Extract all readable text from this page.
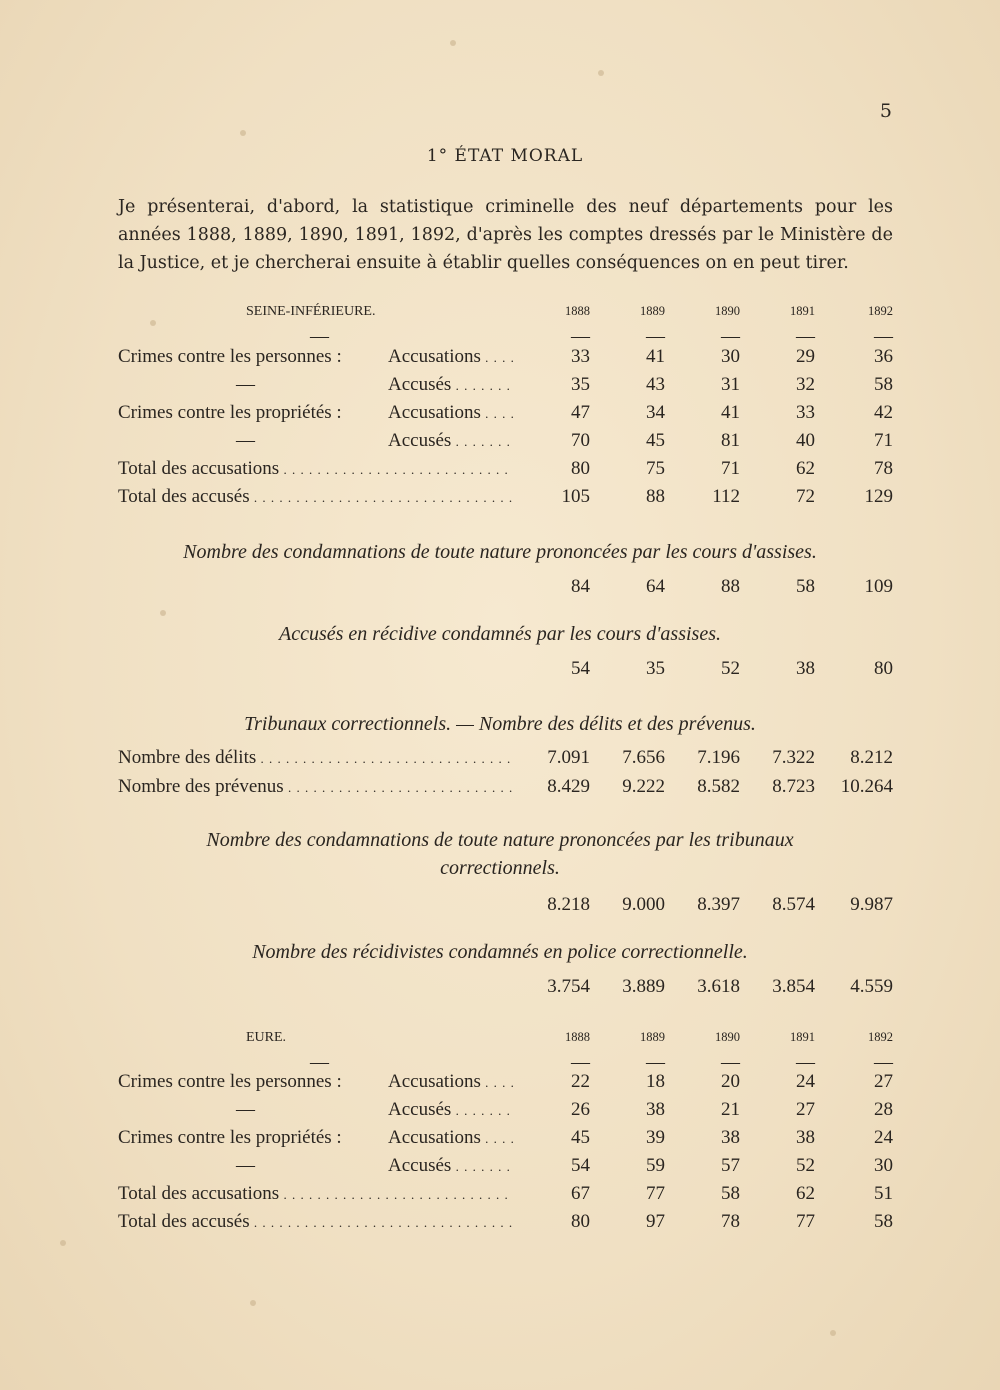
5
1° ÉTAT MORAL
Je présenterai, d'abord, la statistique criminelle des neuf départements pour les années 1888, 1889, 1890, 1891, 1892, d'après les comptes dressés par le Ministère de la Justice, et je chercherai ensuite à établir quelles conséquences on en peut tirer.
SEINE-INFÉRIEURE.	1888	1889	1890	1891	1892
—	—	—	—	—	—
Crimes contre les personnes : Accusations . . .	33	41	30	29	36
—	Accusés . . .	35	43	31	32	58
Crimes contre les propriétés : Accusations . . .	47	34	41	33	42
—	Accusés . . .	70	45	81	40	71
Total des accusations . . .	80	75	71	62	78
Total des accusés . . .	105	88	112	72	129
Nombre des condamnations de toute nature prononcées par les cours d'assises.
84	64	88	58	109
Accusés en récidive condamnés par les cours d'assises.
54	35	52	38	80
Tribunaux correctionnels. — Nombre des délits et des prévenus.
Nombre des délits . . .	7.091	7.656	7.196	7.322	8.212
Nombre des prévenus . . .	8.429	9.222	8.582	8.723	10.264
Nombre des condamnations de toute nature prononcées par les tribunaux
correctionnels.
8.218	9.000	8.397	8.574	9.987
Nombre des récidivistes condamnés en police correctionnelle.
3.754	3.889	3.618	3.854	4.559
EURE.	1888	1889	1890	1891	1892
—	—	—	—	—	—
Crimes contre les personnes : Accusations . . .	22	18	20	24	27
—	Accusés . . .	26	38	21	27	28
Crimes contre les propriétés : Accusations . . .	45	39	38	38	24
—	Accusés . . .	54	59	57	52	30
Total des accusations . . .	67	77	58	62	51
Total des accusés . . .	80	97	78	77	58
